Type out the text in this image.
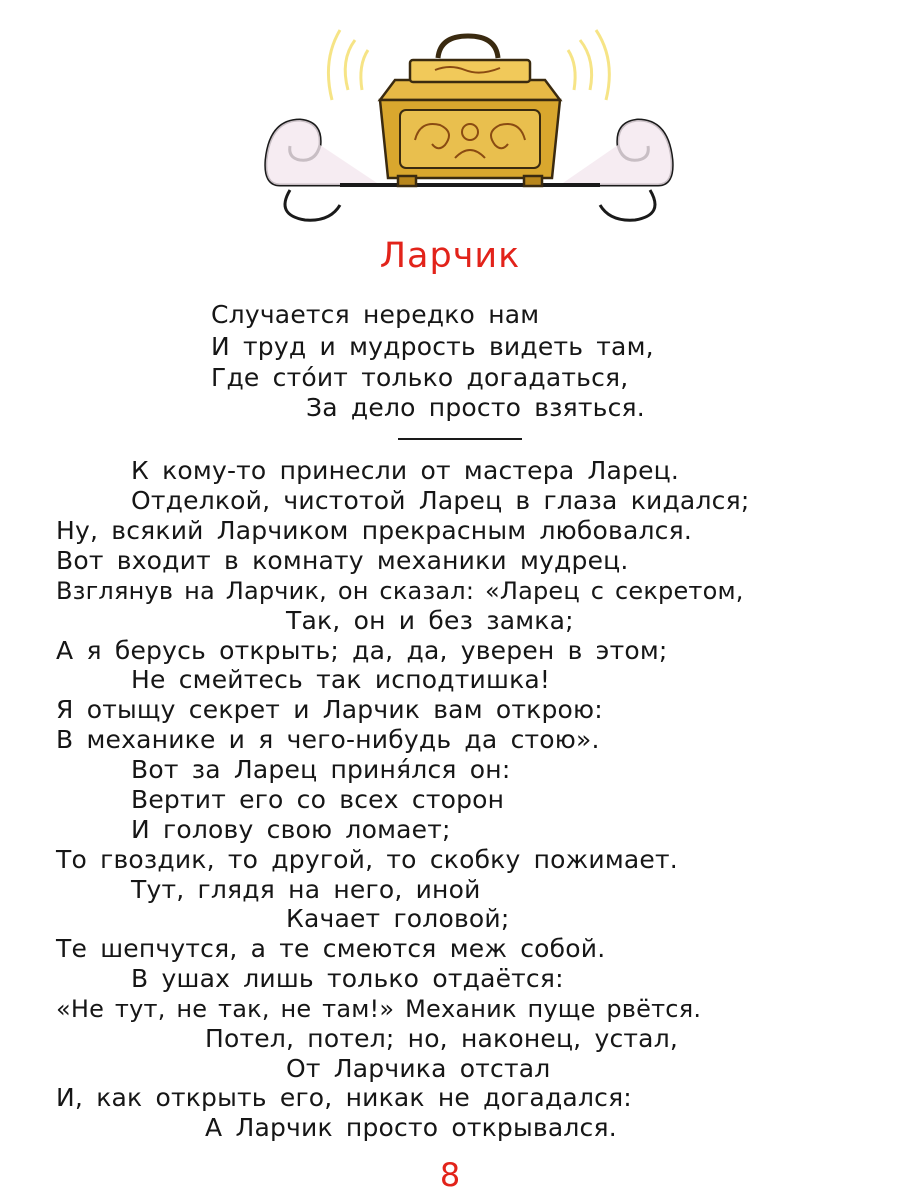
Ларчик
Случается нередко нам
И труд и мудрость видеть там,
Где сто́ит только догадаться,
За дело просто взяться.
К кому-то принесли от мастера Ларец.
Отделкой, чистотой Ларец в глаза кидался;
Ну, всякий Ларчиком прекрасным любовался.
Вот входит в комнату механики мудрец.
Взглянув на Ларчик, он сказал: «Ларец с секретом,
Так, он и без замка;
А я берусь открыть; да, да, уверен в этом;
Не смейтесь так исподтишка!
Я отыщу секрет и Ларчик вам открою:
В механике и я чего-нибудь да стою».
Вот за Ларец приня́лся он:
Вертит его со всех сторон
И голову свою ломает;
То гвоздик, то другой, то скобку пожимает.
Тут, глядя на него, иной
Качает головой;
Те шепчутся, а те смеются меж собой.
В ушах лишь только отдаётся:
«Не тут, не так, не там!» Механик пуще рвётся.
Потел, потел; но, наконец, устал,
От Ларчика отстал
И, как открыть его, никак не догадался:
А Ларчик просто открывался.
8
